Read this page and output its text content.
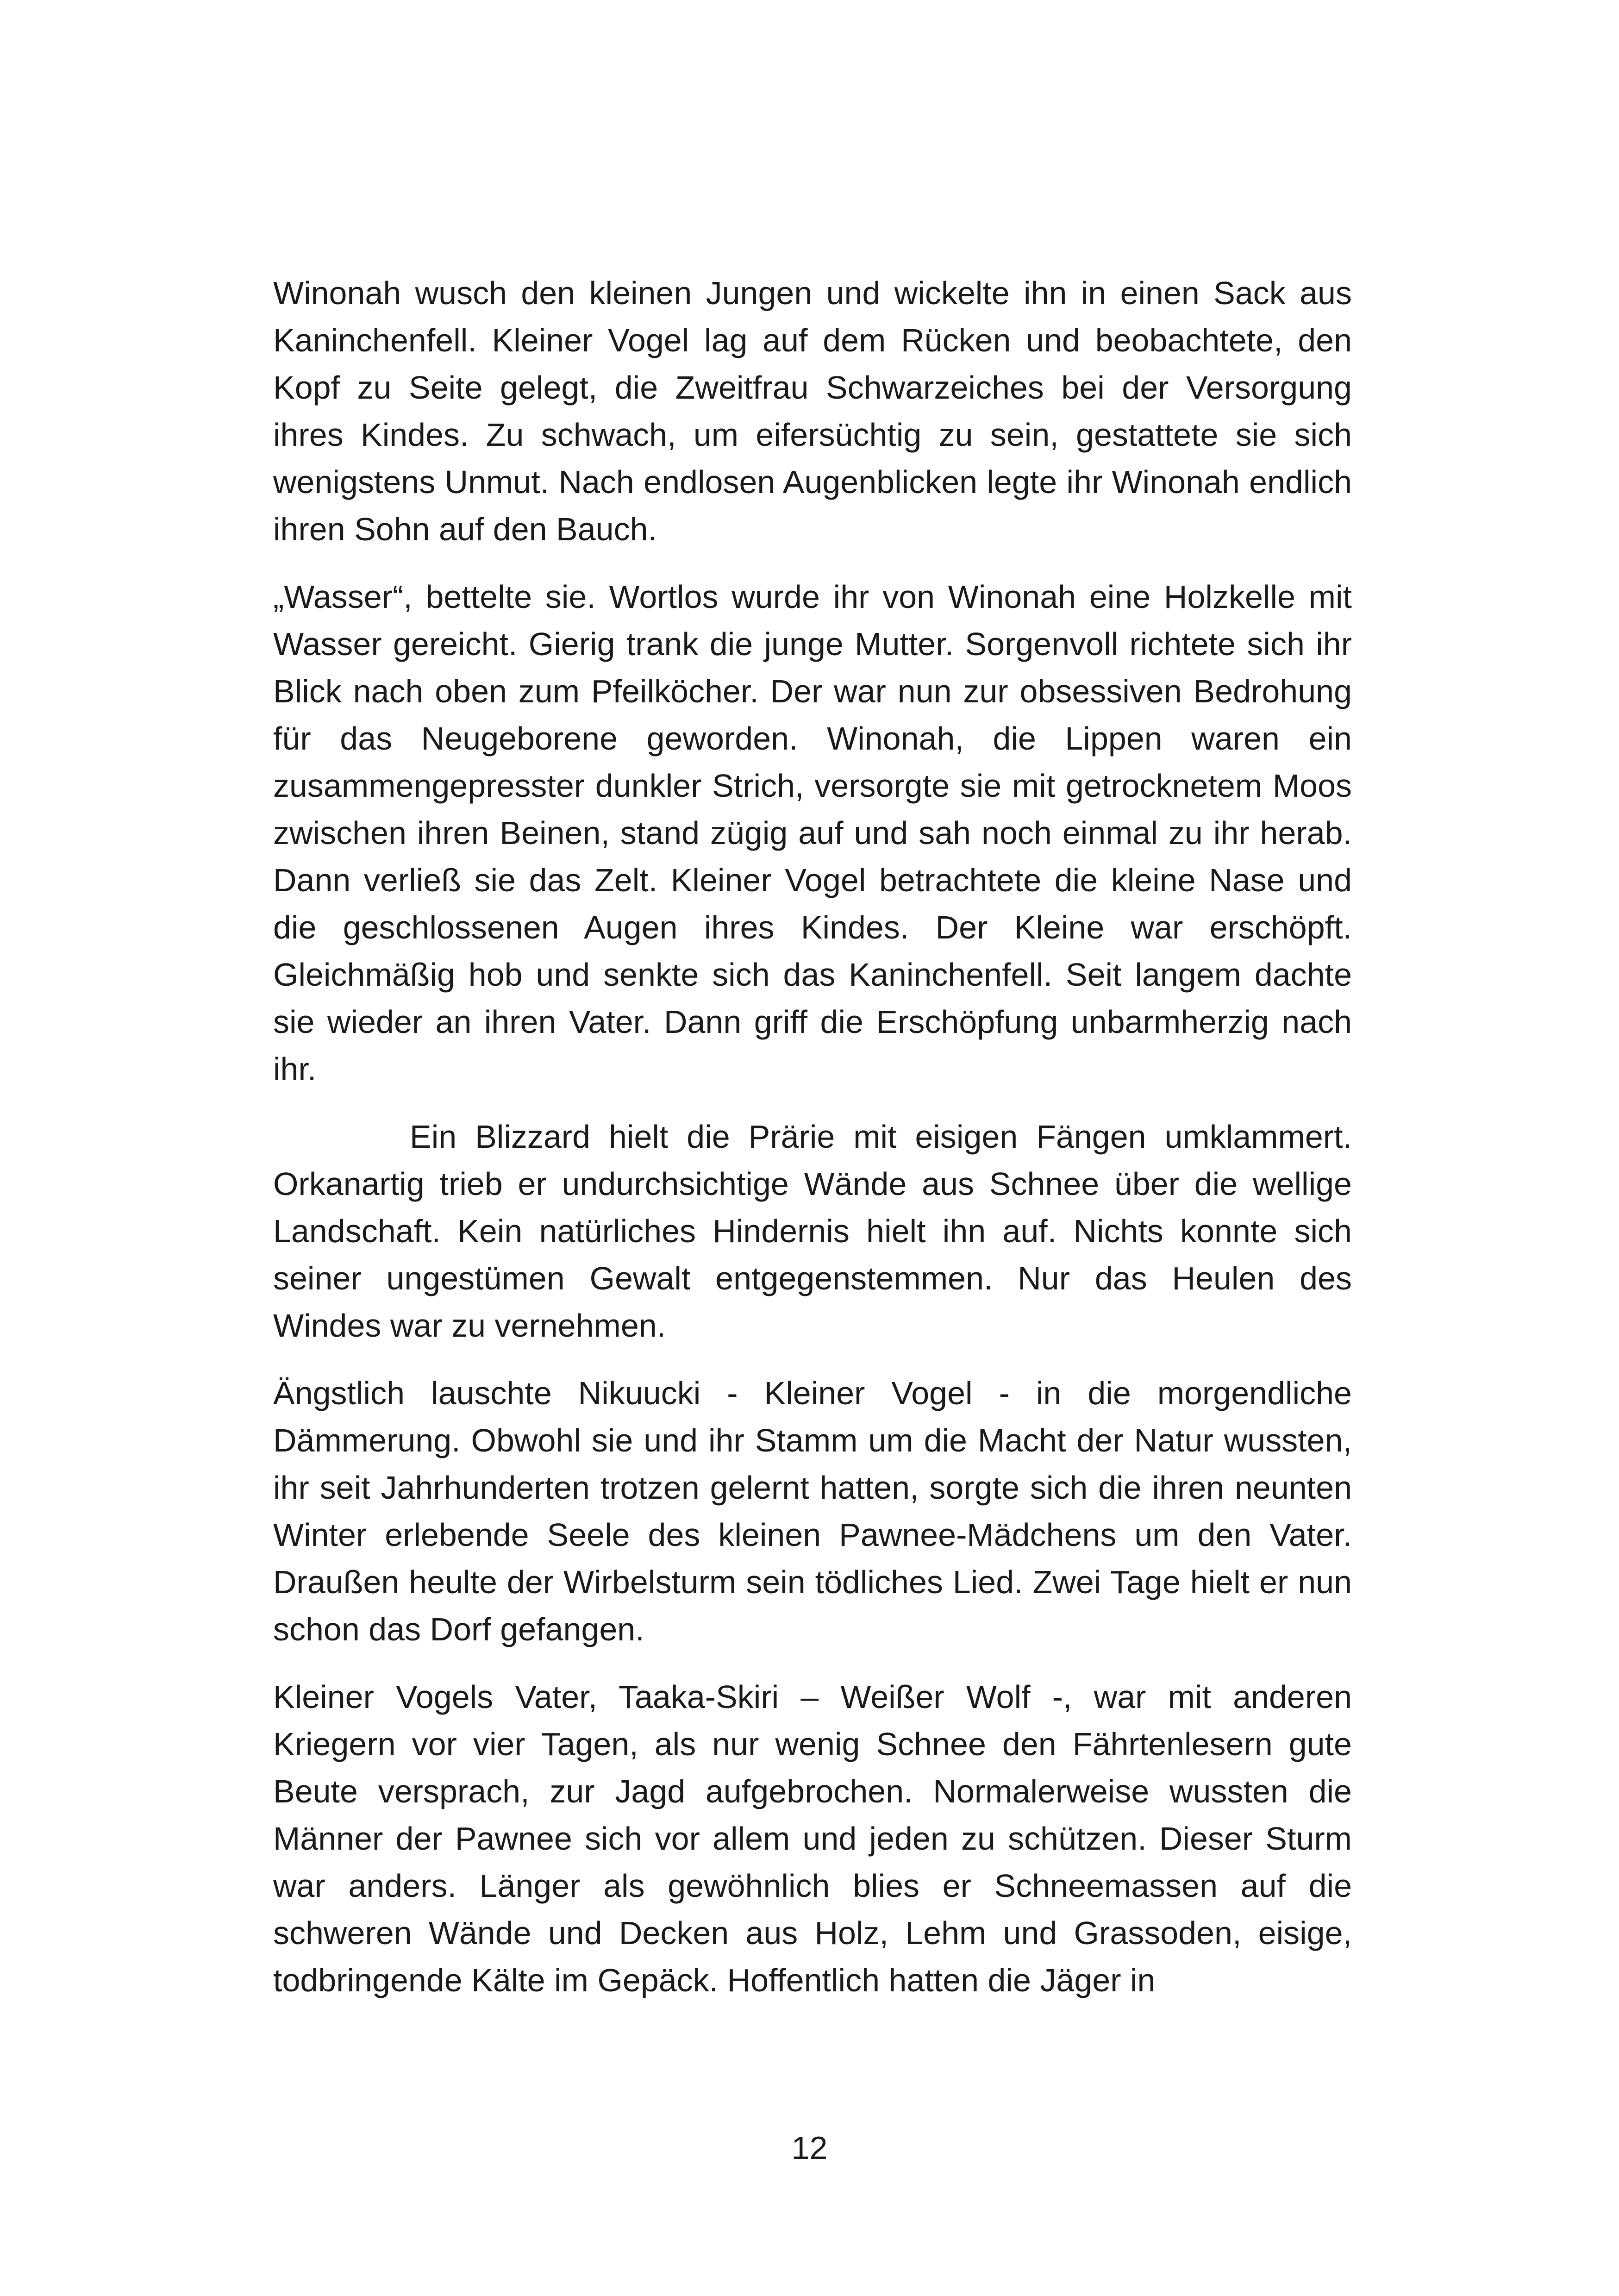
Winonah wusch den kleinen Jungen und wickelte ihn in einen Sack aus Kaninchenfell. Kleiner Vogel lag auf dem Rücken und beobachtete, den Kopf zu Seite gelegt, die Zweitfrau Schwarzeiches bei der Versorgung ihres Kindes. Zu schwach, um eifersüchtig zu sein, gestattete sie sich wenigstens Unmut. Nach endlosen Augenblicken legte ihr Winonah endlich ihren Sohn auf den Bauch.

„Wasser“, bettelte sie. Wortlos wurde ihr von Winonah eine Holzkelle mit Wasser gereicht. Gierig trank die junge Mutter. Sorgenvoll richtete sich ihr Blick nach oben zum Pfeilköcher. Der war nun zur obsessiven Bedrohung für das Neugeborene geworden. Winonah, die Lippen waren ein zusammengepresster dunkler Strich, versorgte sie mit getrocknetem Moos zwischen ihren Beinen, stand zügig auf und sah noch einmal zu ihr herab. Dann verließ sie das Zelt. Kleiner Vogel betrachtete die kleine Nase und die geschlossenen Augen ihres Kindes. Der Kleine war erschöpft. Gleichmäßig hob und senkte sich das Kaninchenfell. Seit langem dachte sie wieder an ihren Vater. Dann griff die Erschöpfung unbarmherzig nach ihr.

Ein Blizzard hielt die Prärie mit eisigen Fängen umklammert. Orkanartig trieb er undurchsichtige Wände aus Schnee über die wellige Landschaft. Kein natürliches Hindernis hielt ihn auf. Nichts konnte sich seiner ungestümen Gewalt entgegenstemmen. Nur das Heulen des Windes war zu vernehmen.

Ängstlich lauschte Nikuucki - Kleiner Vogel - in die morgendliche Dämmerung. Obwohl sie und ihr Stamm um die Macht der Natur wussten, ihr seit Jahrhunderten trotzen gelernt hatten, sorgte sich die ihren neunten Winter erlebende Seele des kleinen Pawnee-Mädchens um den Vater. Draußen heulte der Wirbelsturm sein tödliches Lied. Zwei Tage hielt er nun schon das Dorf gefangen.

Kleiner Vogels Vater, Taaka-Skiri – Weißer Wolf -, war mit anderen Kriegern vor vier Tagen, als nur wenig Schnee den Fährtenlesern gute Beute versprach, zur Jagd aufgebrochen. Normalerweise wussten die Männer der Pawnee sich vor allem und jeden zu schützen. Dieser Sturm war anders. Länger als gewöhnlich blies er Schneemassen auf die schweren Wände und Decken aus Holz, Lehm und Grassoden, eisige, todbringende Kälte im Gepäck. Hoffentlich hatten die Jäger in

12
